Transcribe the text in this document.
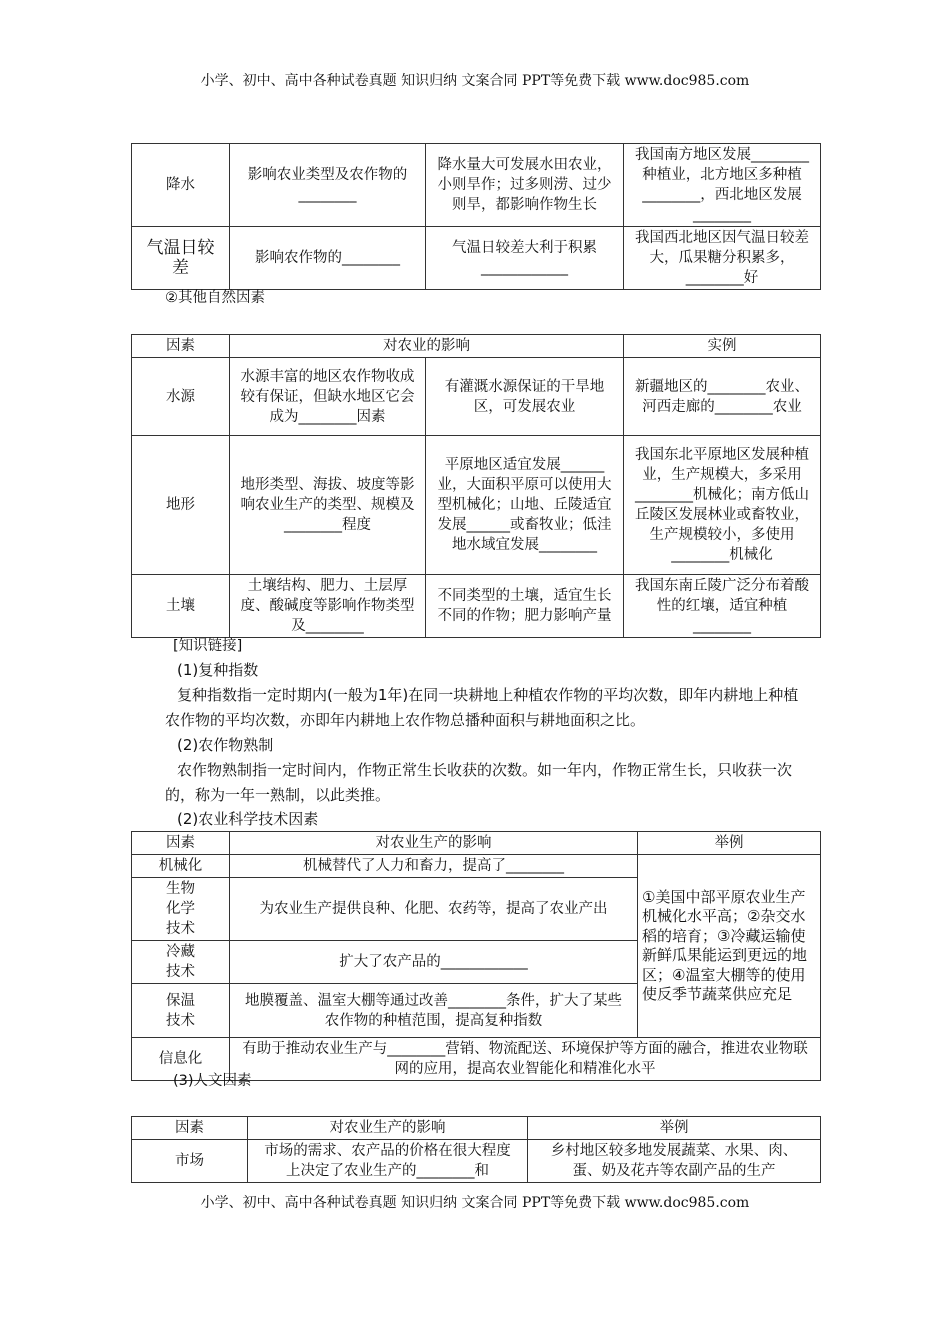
小学、初中、高中各种试卷真题 知识归纳 文案合同 PPT等免费下载 www.doc985.com
降水	影响农业类型及农作物的________	降水量大可发展水田农业，小则旱作；过多则涝、过少则旱，都影响作物生长	我国南方地区发展________种植业，北方地区多种植________，西北地区发展________
气温日较差	影响农作物的________	气温日较差大利于积累____________	我国西北地区因气温日较差大，瓜果糖分积累多，________好
②其他自然因素
因素	对农业的影响		实例
水源	水源丰富的地区农作物收成较有保证，但缺水地区它会成为________因素	有灌溉水源保证的干旱地区，可发展农业	新疆地区的________农业、河西走廊的________农业
地形	地形类型、海拔、坡度等影响农业生产的类型、规模及________程度	平原地区适宜发展______业，大面积平原可以使用大型机械化；山地、丘陵适宜发展______或畜牧业；低洼地水域宜发展________	我国东北平原地区发展种植业，生产规模大，多采用________机械化；南方低山丘陵区发展林业或畜牧业，生产规模较小，多使用________机械化
土壤	土壤结构、肥力、土层厚度、酸碱度等影响作物类型及________	不同类型的土壤，适宜生长不同的作物；肥力影响产量	我国东南丘陵广泛分布着酸性的红壤，适宜种植________
[知识链接]
(1)复种指数
复种指数指一定时期内(一般为1年)在同一块耕地上种植农作物的平均次数，即年内耕地上种植农作物的平均次数，亦即年内耕地上农作物总播种面积与耕地面积之比。
(2)农作物熟制
农作物熟制指一定时间内，作物正常生长收获的次数。如一年内，作物正常生长，只收获一次的，称为一年一熟制，以此类推。
(2)农业科学技术因素
因素	对农业生产的影响	举例
机械化	机械替代了人力和畜力，提高了________	①美国中部平原农业生产机械化水平高；②杂交水稻的培育；③冷藏运输使新鲜瓜果能运到更远的地区；④温室大棚等的使用使反季节蔬菜供应充足
生物化学技术	为农业生产提供良种、化肥、农药等，提高了农业产出	
冷藏技术	扩大了农产品的____________	
保温技术	地膜覆盖、温室大棚等通过改善________条件，扩大了某些农作物的种植范围，提高复种指数	
信息化	有助于推动农业生产与________营销、物流配送、环境保护等方面的融合，推进农业物联网的应用，提高农业智能化和精准化水平	
(3)人文因素
因素	对农业生产的影响	举例
市场	市场的需求、农产品的价格在很大程度上决定了农业生产的________和	乡村地区较多地发展蔬菜、水果、肉、蛋、奶及花卉等农副产品的生产
小学、初中、高中各种试卷真题 知识归纳 文案合同 PPT等免费下载 www.doc985.com
